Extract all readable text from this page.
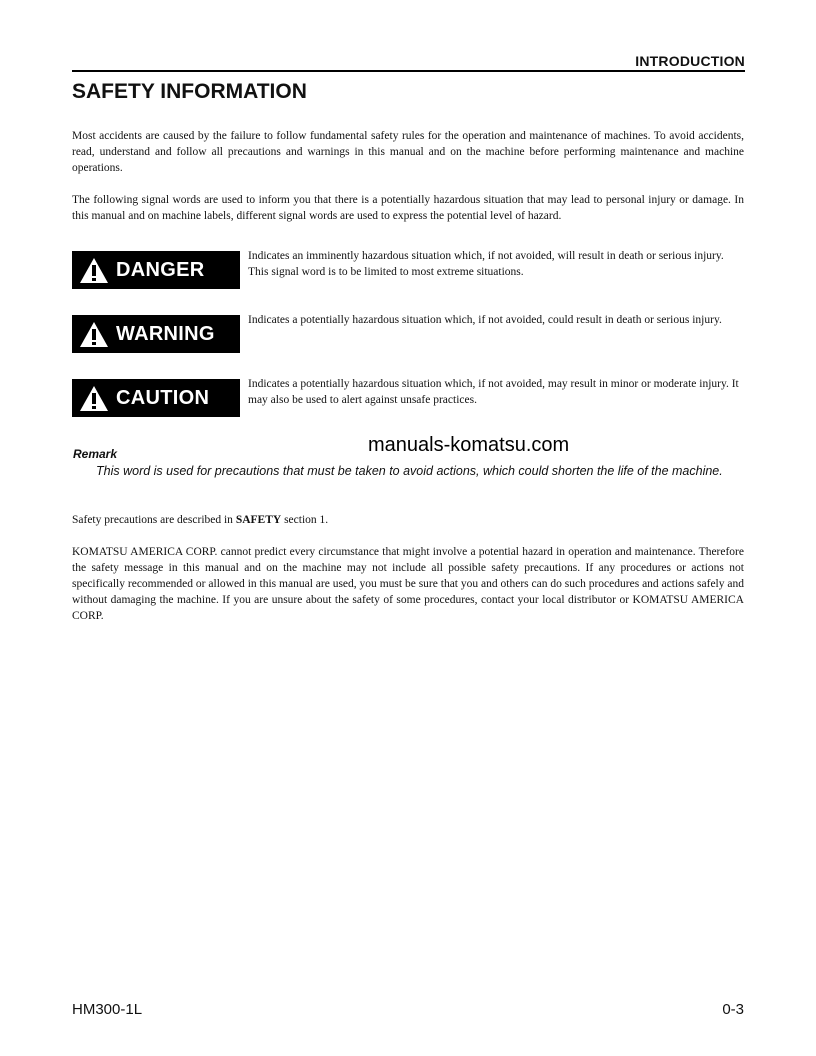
INTRODUCTION
SAFETY INFORMATION
Most accidents are caused by the failure to follow fundamental safety rules for the operation and maintenance of machines. To avoid accidents, read, understand and follow all precautions and warnings in this manual and on the machine before performing maintenance and machine operations.
The following signal words are used to inform you that there is a potentially hazardous situation that may lead to personal injury or damage. In this manual and on machine labels, different signal words are used to express the potential level of hazard.
DANGER
Indicates an imminently hazardous situation which, if not avoided, will result in death or serious injury. This signal word is to be limited to most extreme situations.
WARNING
Indicates a potentially hazardous situation which, if not avoided, could result in death or serious injury.
CAUTION
Indicates a potentially hazardous situation which, if not avoided, may result in minor or moderate injury. It may also be used to alert against unsafe practices.
manuals-komatsu.com
Remark
This word is used for precautions that must be taken to avoid actions, which could shorten the life of the machine.
Safety precautions are described in SAFETY section 1.
KOMATSU AMERICA CORP. cannot predict every circumstance that might involve a potential hazard in operation and maintenance. Therefore the safety message in this manual and on the machine may not include all possible safety precautions. If any procedures or actions not specifically recommended or allowed in this manual are used, you must be sure that you and others can do such procedures and actions safely and without damaging the machine. If you are unsure about the safety of some procedures, contact your local distributor or KOMATSU AMERICA CORP.
HM300-1L	0-3
